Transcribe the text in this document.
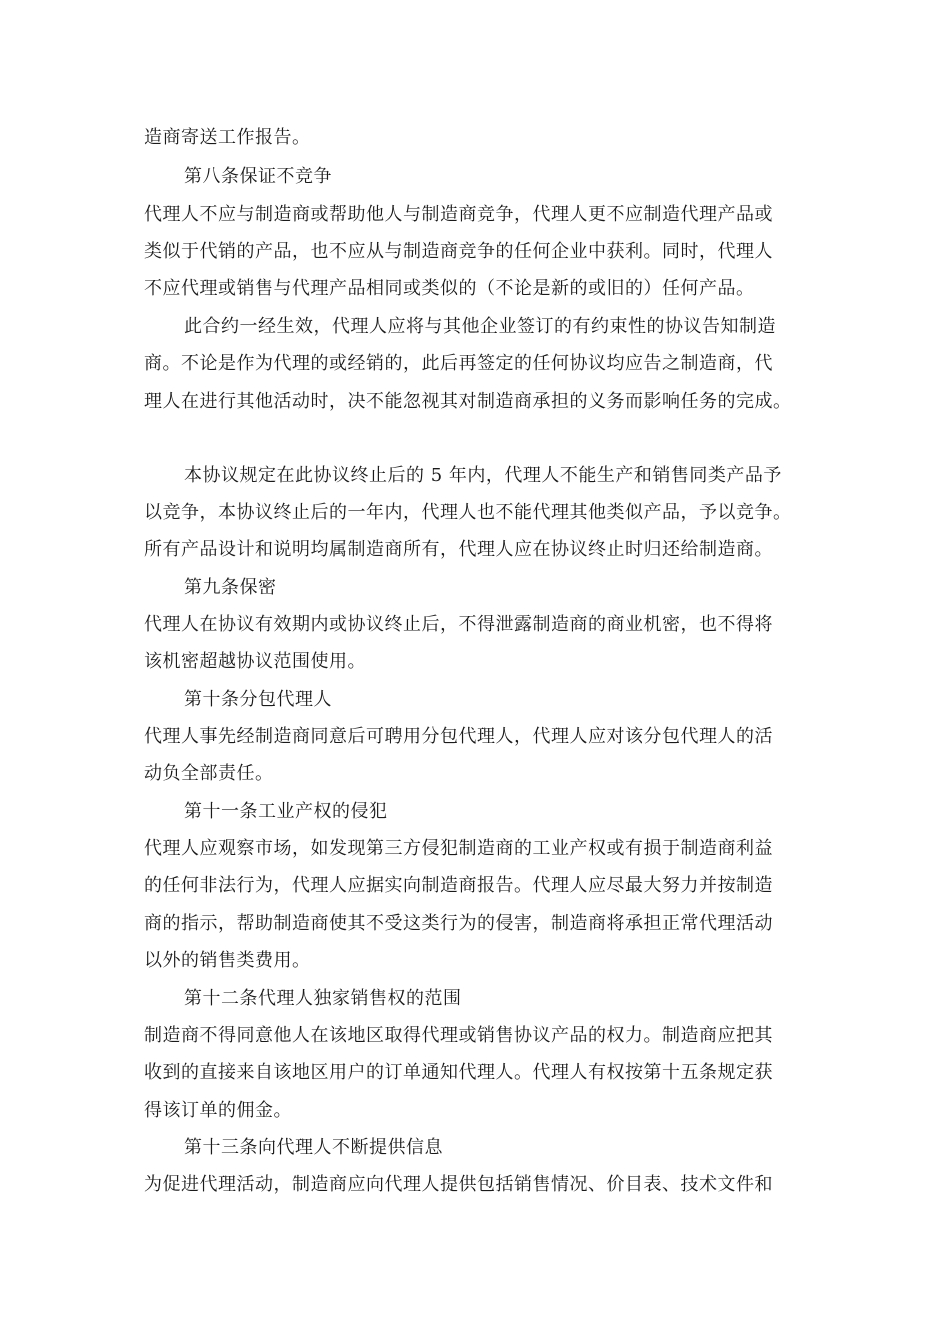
造商寄送工作报告。
第八条保证不竞争
代理人不应与制造商或帮助他人与制造商竞争，代理人更不应制造代理产品或
类似于代销的产品，也不应从与制造商竞争的任何企业中获利。同时，代理人
不应代理或销售与代理产品相同或类似的（不论是新的或旧的）任何产品。
此合约一经生效，代理人应将与其他企业签订的有约束性的协议告知制造
商。不论是作为代理的或经销的，此后再签定的任何协议均应告之制造商，代
理人在进行其他活动时，决不能忽视其对制造商承担的义务而影响任务的完成。
本协议规定在此协议终止后的 5 年内，代理人不能生产和销售同类产品予
以竞争，本协议终止后的一年内，代理人也不能代理其他类似产品，予以竞争。
所有产品设计和说明均属制造商所有，代理人应在协议终止时归还给制造商。
第九条保密
代理人在协议有效期内或协议终止后，不得泄露制造商的商业机密，也不得将
该机密超越协议范围使用。
第十条分包代理人
代理人事先经制造商同意后可聘用分包代理人，代理人应对该分包代理人的活
动负全部责任。
第十一条工业产权的侵犯
代理人应观察市场，如发现第三方侵犯制造商的工业产权或有损于制造商利益
的任何非法行为，代理人应据实向制造商报告。代理人应尽最大努力并按制造
商的指示，帮助制造商使其不受这类行为的侵害，制造商将承担正常代理活动
以外的销售类费用。
第十二条代理人独家销售权的范围
制造商不得同意他人在该地区取得代理或销售协议产品的权力。制造商应把其
收到的直接来自该地区用户的订单通知代理人。代理人有权按第十五条规定获
得该订单的佣金。
第十三条向代理人不断提供信息
为促进代理活动，制造商应向代理人提供包括销售情况、价目表、技术文件和
